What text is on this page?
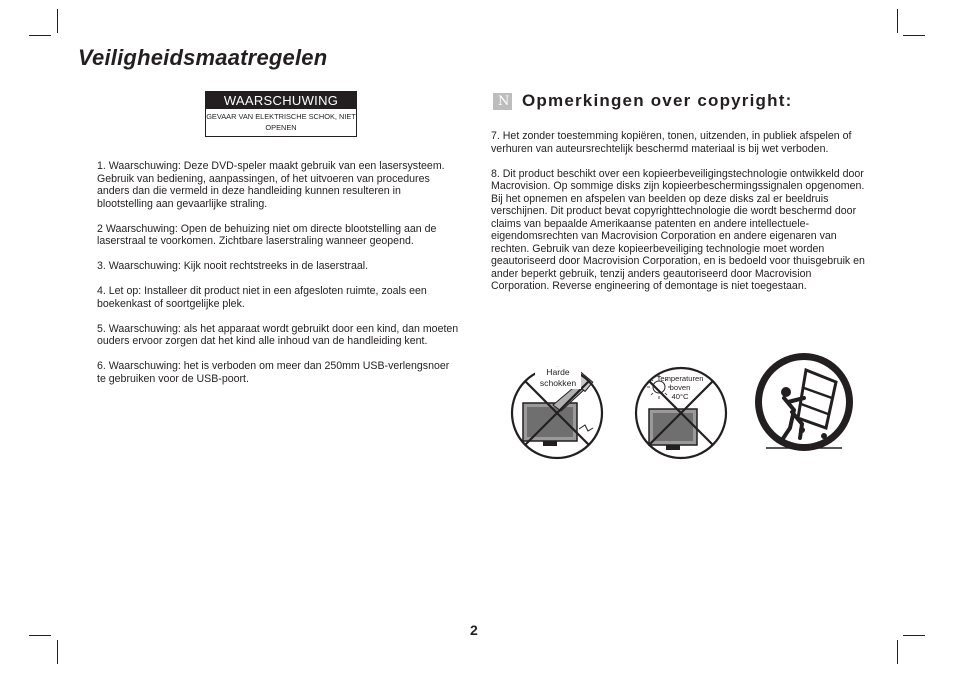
Veiligheidsmaatregelen
WAARSCHUWING
GEVAAR VAN ELEKTRISCHE SCHOK, NIET OPENEN

1. Waarschuwing: Deze DVD-speler maakt gebruik van een lasersysteem.
Gebruik van bediening, aanpassingen, of het uitvoeren van procedures anders dan die vermeld in deze handleiding kunnen resulteren in blootstelling aan gevaarlijke straling.

2 Waarschuwing: Open de behuizing niet om directe blootstelling aan de laserstraal te voorkomen. Zichtbare laserstraling wanneer geopend.

3. Waarschuwing: Kijk nooit rechtstreeks in de laserstraal.

4. Let op: Installeer dit product niet in een afgesloten ruimte, zoals een boekenkast of soortgelijke plek.

5. Waarschuwing: als het apparaat wordt gebruikt door een kind, dan moeten ouders ervoor zorgen dat het kind alle inhoud van de handleiding kent.

6. Waarschuwing: het is verboden om meer dan 250mm USB-verlengsnoer te gebruiken voor de USB-poort.

N Opmerkingen over copyright:

7. Het zonder toestemming kopiëren, tonen, uitzenden, in publiek afspelen of verhuren van auteursrechtelijk beschermd materiaal is bij wet verboden.

8. Dit product beschikt over een kopieerbeveiligingstechnologie ontwikkeld door Macrovision. Op sommige disks zijn kopieerbeschermingssignalen opgenomen. Bij het opnemen en afspelen van beelden op deze disks zal er beeldruis verschijnen. Dit product bevat copyrighttechnologie die wordt beschermd door claims van bepaalde Amerikaanse patenten en andere intellectuele-eigendomsrechten van Macrovision Corporation en andere eigenaren van rechten. Gebruik van deze kopieerbeveiliging technologie moet worden geautoriseerd door Macrovision Corporation, en is bedoeld voor thuisgebruik en ander beperkt gebruik, tenzij anders geautoriseerd door Macrovision Corporation. Reverse engineering of demontage is niet toegestaan.

Harde
schokken	Temperaturen
boven
40°C
2
